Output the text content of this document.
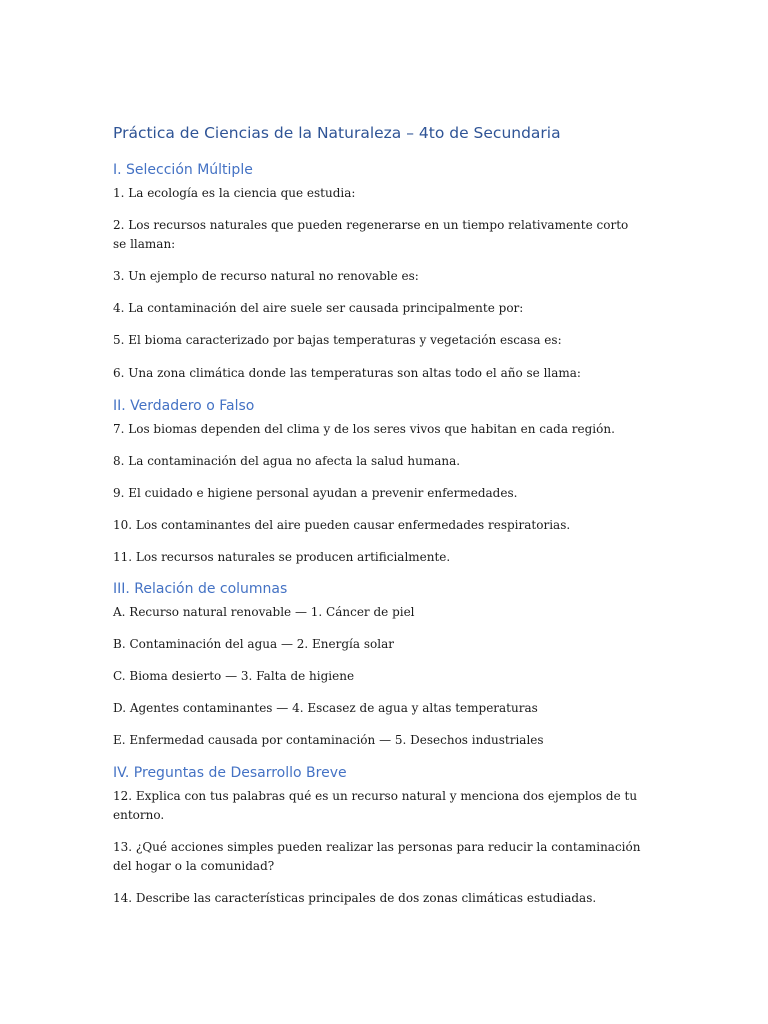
Práctica de Ciencias de la Naturaleza – 4to de Secundaria
I. Selección Múltiple

1. La ecología es la ciencia que estudia:

2. Los recursos naturales que pueden regenerarse en un tiempo relativamente corto se llaman:

3. Un ejemplo de recurso natural no renovable es:

4. La contaminación del aire suele ser causada principalmente por:

5. El bioma caracterizado por bajas temperaturas y vegetación escasa es:

6. Una zona climática donde las temperaturas son altas todo el año se llama:

II. Verdadero o Falso

7. Los biomas dependen del clima y de los seres vivos que habitan en cada región.

8. La contaminación del agua no afecta la salud humana.

9. El cuidado e higiene personal ayudan a prevenir enfermedades.

10. Los contaminantes del aire pueden causar enfermedades respiratorias.

11. Los recursos naturales se producen artificialmente.

III. Relación de columnas

A. Recurso natural renovable — 1. Cáncer de piel

B. Contaminación del agua — 2. Energía solar

C. Bioma desierto — 3. Falta de higiene

D. Agentes contaminantes — 4. Escasez de agua y altas temperaturas

E. Enfermedad causada por contaminación — 5. Desechos industriales

IV. Preguntas de Desarrollo Breve

12. Explica con tus palabras qué es un recurso natural y menciona dos ejemplos de tu entorno.

13. ¿Qué acciones simples pueden realizar las personas para reducir la contaminación del hogar o la comunidad?

14. Describe las características principales de dos zonas climáticas estudiadas.
